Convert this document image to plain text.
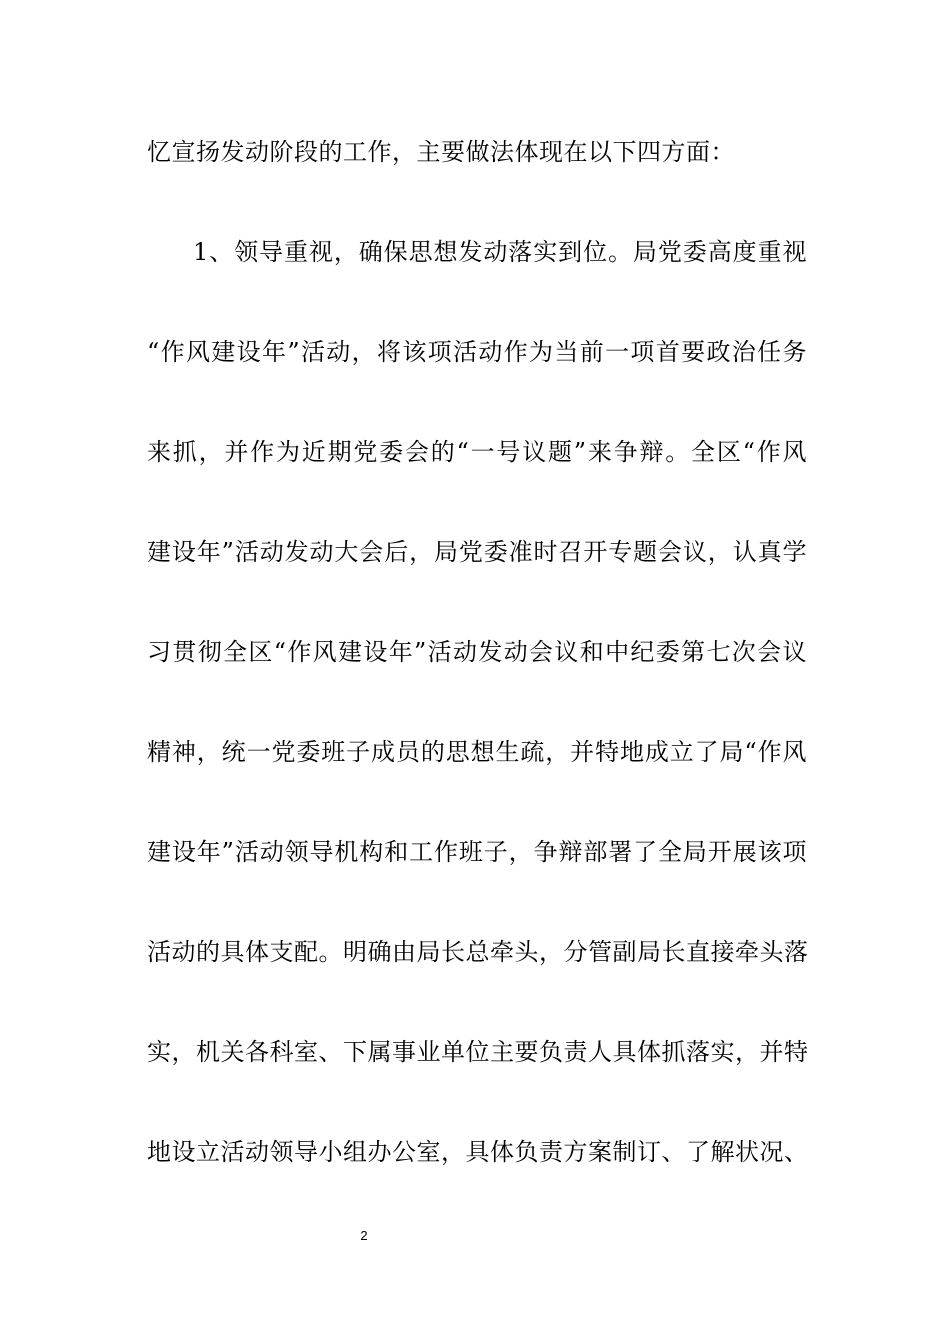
忆宣扬发动阶段的工作，主要做法体现在以下四方面：
1、领导重视，确保思想发动落实到位。局党委高度重视
“作风建设年”活动，将该项活动作为当前一项首要政治任务
来抓，并作为近期党委会的“一号议题”来争辩。全区“作风
建设年”活动发动大会后，局党委准时召开专题会议，认真学
习贯彻全区“作风建设年”活动发动会议和中纪委第七次会议
精神，统一党委班子成员的思想生疏，并特地成立了局“作风
建设年”活动领导机构和工作班子，争辩部署了全局开展该项
活动的具体支配。明确由局长总牵头，分管副局长直接牵头落
实，机关各科室、下属事业单位主要负责人具体抓落实，并特
地设立活动领导小组办公室，具体负责方案制订、了解状况、
2
